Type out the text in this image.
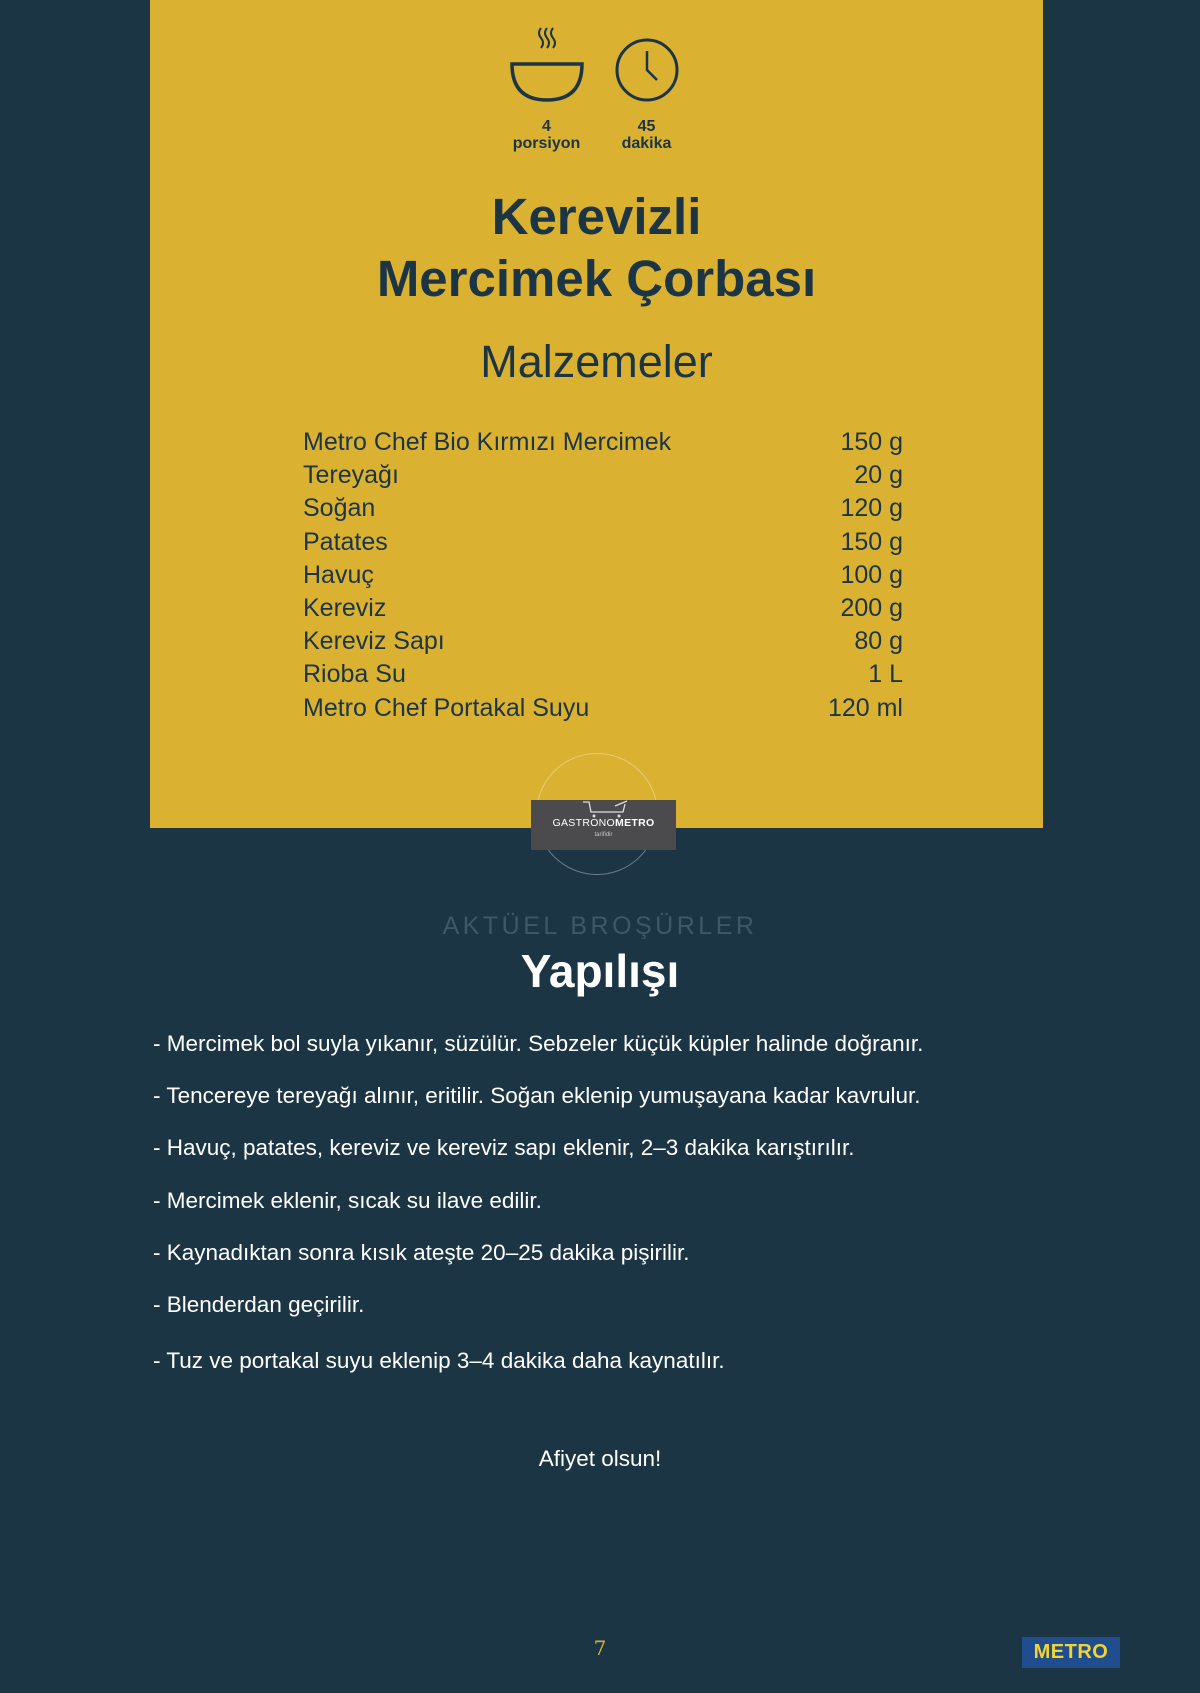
4
porsiyon
45
dakika
Kerevizli
Mercimek Çorbası
Malzemeler
Metro Chef Bio Kırmızı Mercimek	150 g
Tereyağı	20 g
Soğan	120 g
Patates	150 g
Havuç	100 g
Kereviz	200 g
Kereviz Sapı	80 g
Rioba Su	1 L
Metro Chef Portakal Suyu	120 ml
GASTRONOMETRO
tarifidir
AKTÜEL BROŞÜRLER
Yapılışı
- Mercimek bol suyla yıkanır, süzülür. Sebzeler küçük küpler halinde doğranır.
- Tencereye tereyağı alınır, eritilir. Soğan eklenip yumuşayana kadar kavrulur.
- Havuç, patates, kereviz ve kereviz sapı eklenir, 2–3 dakika karıştırılır.
- Mercimek eklenir, sıcak su ilave edilir.
- Kaynadıktan sonra kısık ateşte 20–25 dakika pişirilir.
- Blenderdan geçirilir.
- Tuz ve portakal suyu eklenip 3–4 dakika daha kaynatılır.
Afiyet olsun!
7	METRO
